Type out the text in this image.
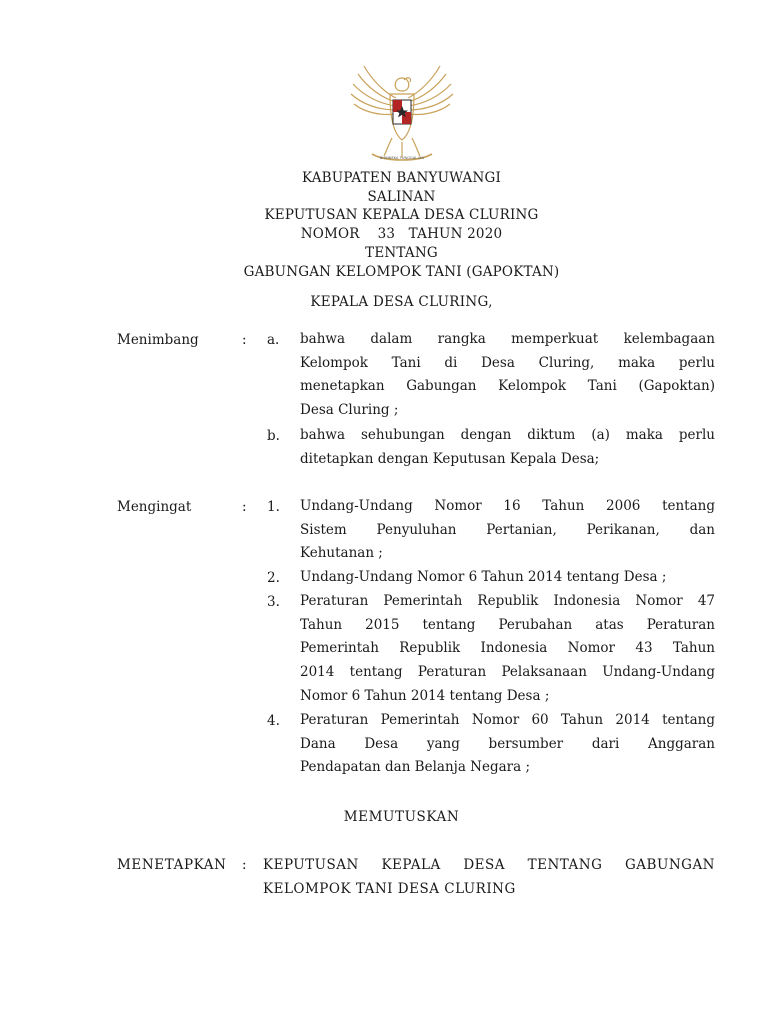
BHINNEKA TUNGGAL IKA
KABUPATEN BANYUWANGI
SALINAN
KEPUTUSAN KEPALA DESA CLURING
NOMOR    33   TAHUN 2020
TENTANG
GABUNGAN KELOMPOK TANI (GAPOKTAN)
KEPALA DESA CLURING,
Menimbang	: a. bahwa dalam rangka memperkuat kelembagaan
Kelompok Tani di Desa Cluring, maka perlu
menetapkan Gabungan Kelompok Tani (Gapoktan)
Desa Cluring ;
b. bahwa sehubungan dengan diktum (a) maka perlu
ditetapkan dengan Keputusan Kepala Desa;
Mengingat	: 1. Undang-Undang Nomor 16 Tahun 2006 tentang
Sistem Penyuluhan Pertanian, Perikanan, dan
Kehutanan ;
2. Undang-Undang Nomor 6 Tahun 2014 tentang Desa ;
3. Peraturan Pemerintah Republik Indonesia Nomor 47
Tahun 2015 tentang Perubahan atas Peraturan
Pemerintah Republik Indonesia Nomor 43 Tahun
2014 tentang Peraturan Pelaksanaan Undang-Undang
Nomor 6 Tahun 2014 tentang Desa ;
4. Peraturan Pemerintah Nomor 60 Tahun 2014 tentang
Dana Desa yang bersumber dari Anggaran
Pendapatan dan Belanja Negara ;
MEMUTUSKAN
MENETAPKAN : KEPUTUSAN KEPALA DESA TENTANG GABUNGAN
KELOMPOK TANI DESA CLURING
